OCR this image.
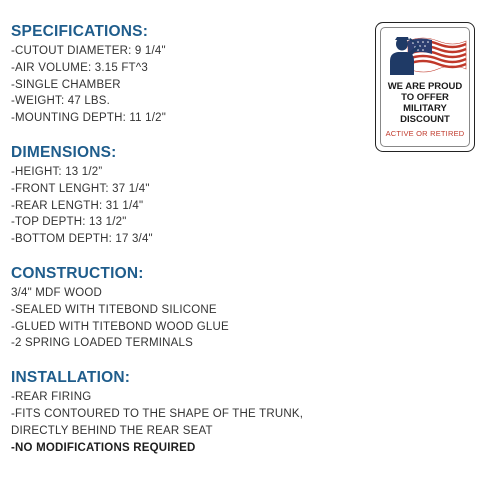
SPECIFICATIONS:
-CUTOUT DIAMETER: 9 1/4"
-AIR VOLUME: 3.15 FT^3
-SINGLE CHAMBER
-WEIGHT: 47 LBS.
-MOUNTING DEPTH: 11 1/2"
DIMENSIONS:
-HEIGHT: 13 1/2”
-FRONT LENGHT: 37 1/4"
-REAR LENGTH: 31 1/4"
-TOP DEPTH: 13 1/2"
-BOTTOM DEPTH: 17 3/4"
CONSTRUCTION:
3/4" MDF WOOD
-SEALED WITH TITEBOND SILICONE
-GLUED WITH TITEBOND WOOD GLUE
-2 SPRING LOADED TERMINALS
INSTALLATION:
-REAR FIRING
-FITS CONTOURED TO THE SHAPE OF THE TRUNK,
DIRECTLY BEHIND THE REAR SEAT
-NO MODIFICATIONS REQUIRED
WE ARE PROUD
TO OFFER
MILITARY
DISCOUNT
ACTIVE OR RETIRED
